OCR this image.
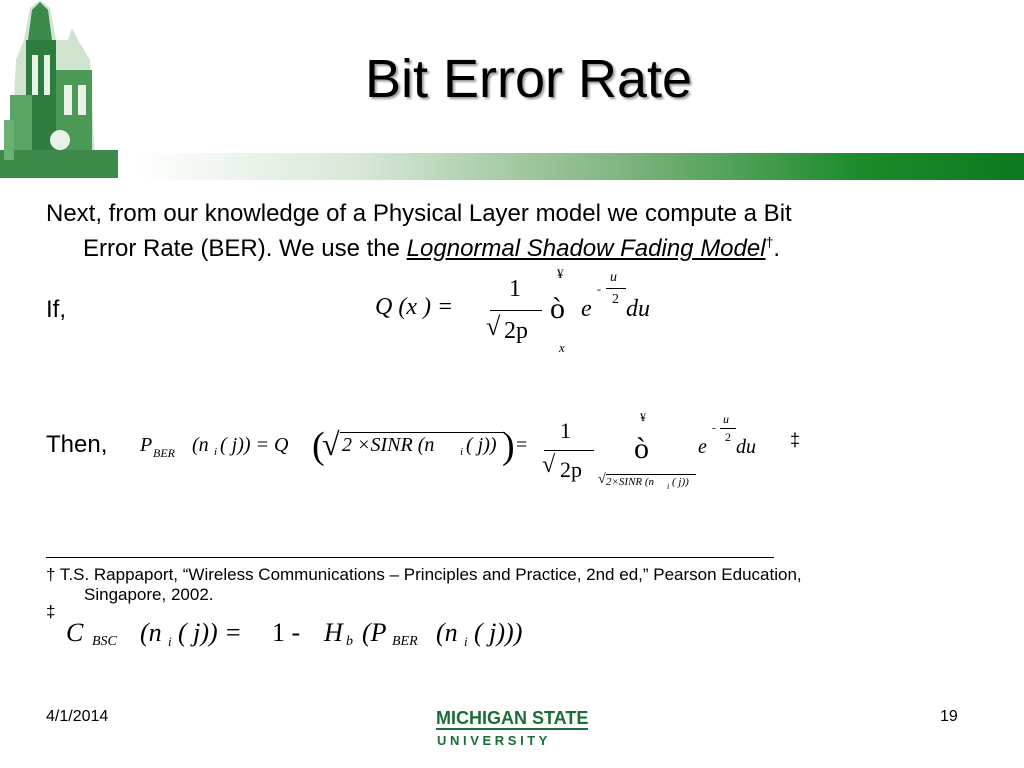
Bit Error Rate
Next, from our knowledge of a Physical Layer model we compute a Bit
Error Rate (BER). We use the Lognormal Shadow Fading Model†.
If,	Q (x ) =
1
√ 2p
¥
ò
x
e
-
u
2 du
Then, P BER (n i ( j)) = Q (
√ 2 ×SINR (n i ( j)) ) =
1
√ 2p
¥
ò
√ 2×SINR (n i ( j))
e
-
u
2 du ‡
† T.S. Rappaport, “Wireless Communications – Principles and Practice, 2nd ed,” Pearson Education,
Singapore, 2002.
‡
C BSC (n i ( j)) = 1 - H b (P BER (n i ( j)))
4/1/2014	MICHIGAN STATE
U N I V E R S I T Y
19
